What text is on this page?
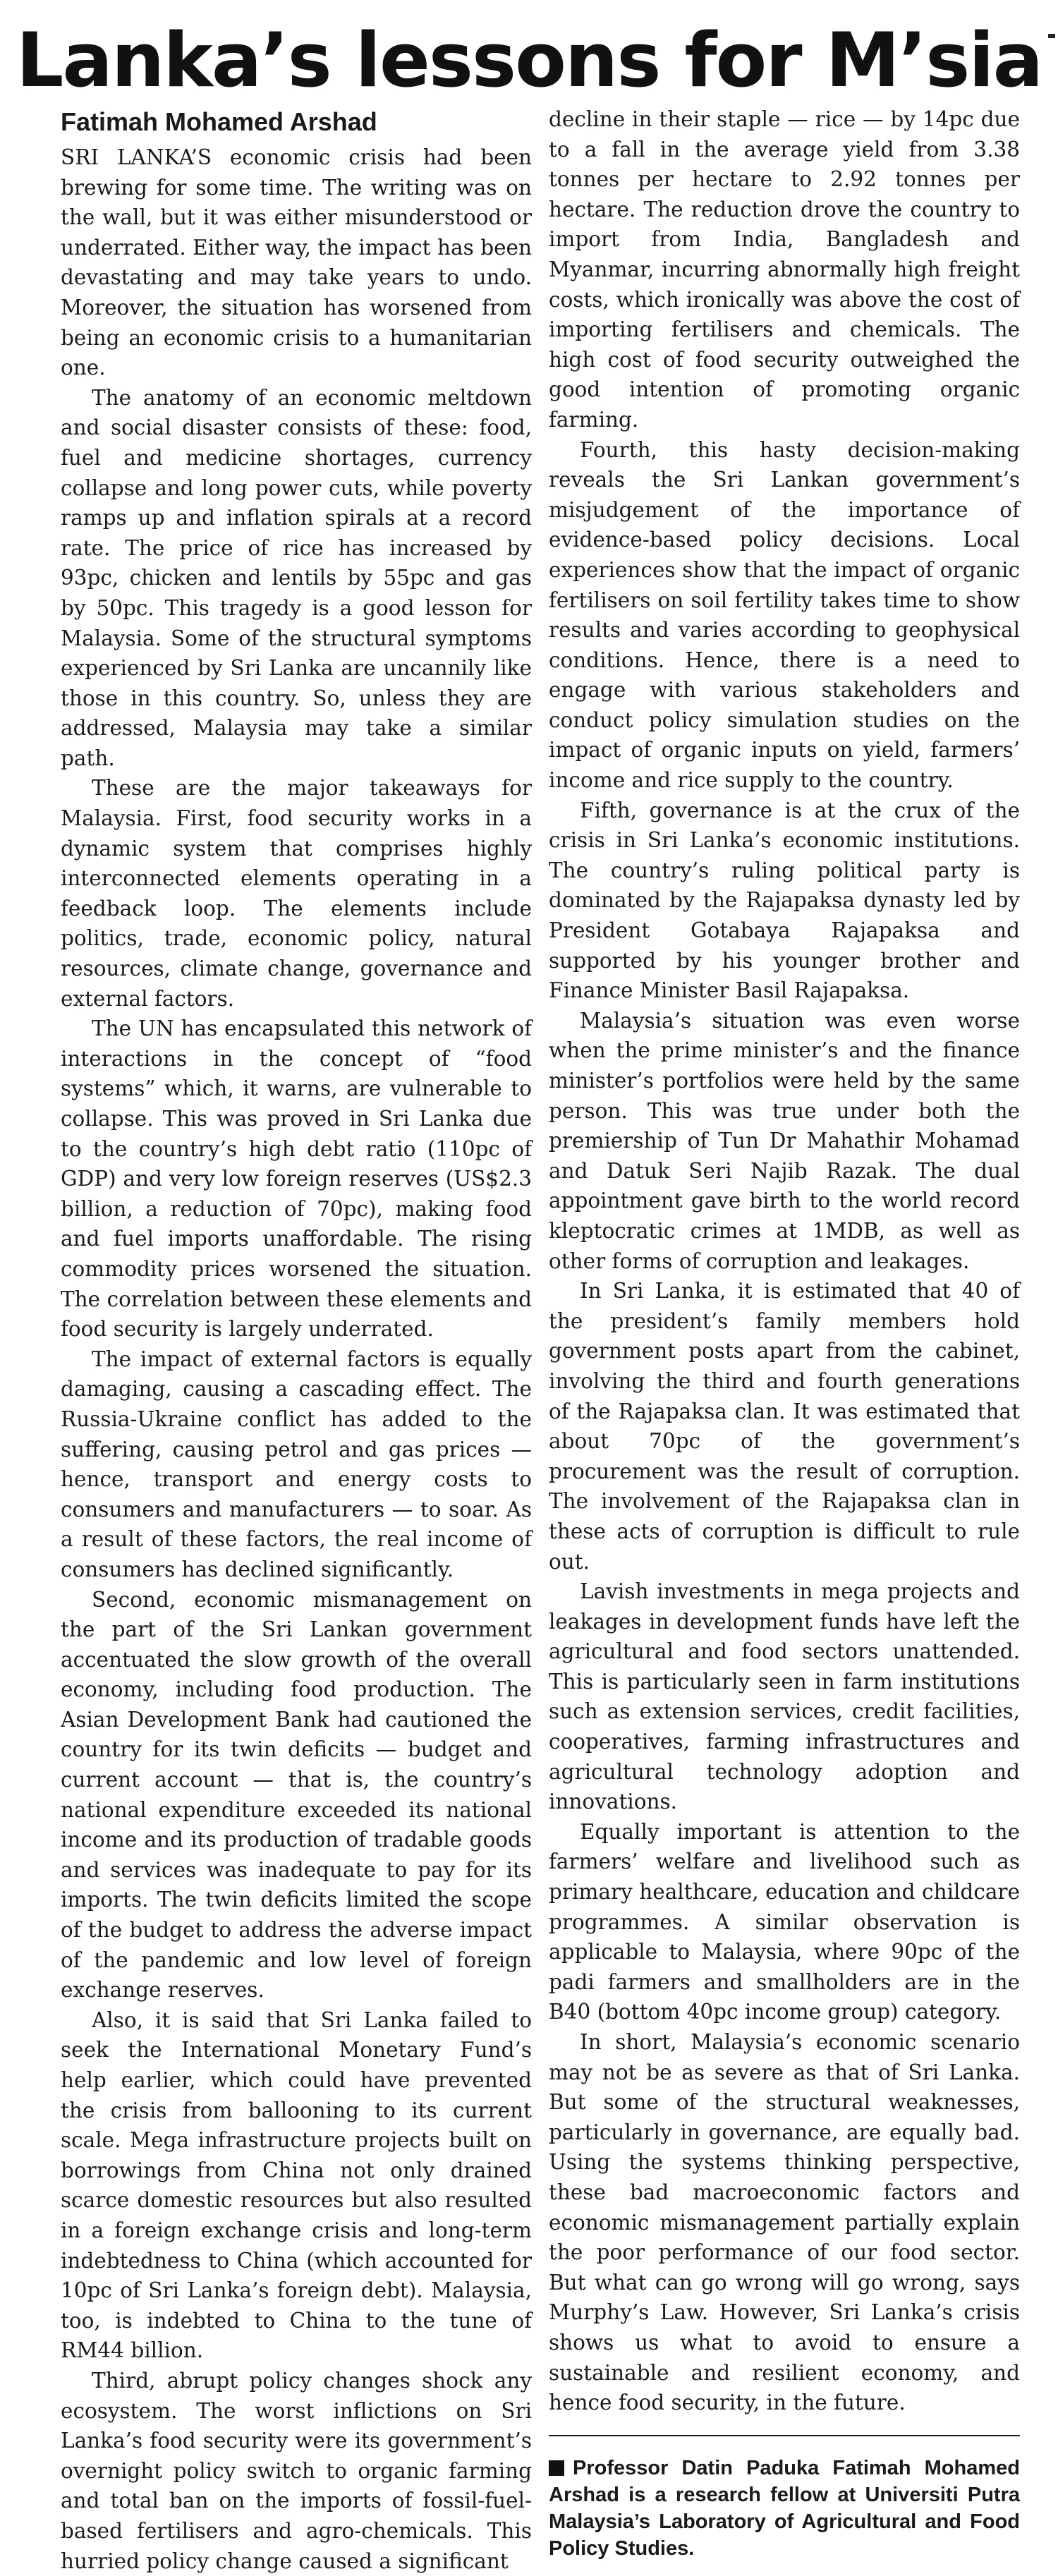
Lanka’s lessons for M’sia
Fatimah Mohamed Arshad

SRI LANKA’S economic crisis had been brewing for some time. The writing was on the wall, but it was either misunderstood or underrated. Either way, the impact has been devastating and may take years to undo. Moreover, the situation has worsened from being an economic crisis to a humanitarian one.

The anatomy of an economic meltdown and social disaster consists of these: food, fuel and medicine shortages, currency collapse and long power cuts, while poverty ramps up and inflation spirals at a record rate. The price of rice has increased by 93pc, chicken and lentils by 55pc and gas by 50pc. This tragedy is a good lesson for Malaysia. Some of the structural symptoms experienced by Sri Lanka are uncannily like those in this country. So, unless they are addressed, Malaysia may take a similar path.

These are the major takeaways for Malaysia. First, food security works in a dynamic system that comprises highly interconnected elements operating in a feedback loop. The elements include politics, trade, economic policy, natural resources, climate change, governance and external factors.

The UN has encapsulated this network of interactions in the concept of “food systems” which, it warns, are vulnerable to collapse. This was proved in Sri Lanka due to the country’s high debt ratio (110pc of GDP) and very low foreign reserves (US$2.3 billion, a reduction of 70pc), making food and fuel imports unaffordable. The rising commodity prices worsened the situation. The correlation between these elements and food security is largely underrated.

The impact of external factors is equally damaging, causing a cascading effect. The Russia-Ukraine conflict has added to the suffering, causing petrol and gas prices — hence, transport and energy costs to consumers and manufacturers — to soar. As a result of these factors, the real income of consumers has declined significantly.

Second, economic mismanagement on the part of the Sri Lankan government accentuated the slow growth of the overall economy, including food production. The Asian Development Bank had cautioned the country for its twin deficits — budget and current account — that is, the country’s national expenditure exceeded its national income and its production of tradable goods and services was inadequate to pay for its imports. The twin deficits limited the scope of the budget to address the adverse impact of the pandemic and low level of foreign exchange reserves.

Also, it is said that Sri Lanka failed to seek the International Monetary Fund’s help earlier, which could have prevented the crisis from ballooning to its current scale. Mega infrastructure projects built on borrowings from China not only drained scarce domestic resources but also resulted in a foreign exchange crisis and long-term indebtedness to China (which accounted for 10pc of Sri Lanka’s foreign debt). Malaysia, too, is indebted to China to the tune of RM44 billion.

Third, abrupt policy changes shock any ecosystem. The worst inflictions on Sri Lanka’s food security were its government’s overnight policy switch to organic farming and total ban on the imports of fossil-fuel-based fertilisers and agro-chemicals. This hurried policy change caused a significant

decline in their staple — rice — by 14pc due to a fall in the average yield from 3.38 tonnes per hectare to 2.92 tonnes per hectare. The reduction drove the country to import from India, Bangladesh and Myanmar, incurring abnormally high freight costs, which ironically was above the cost of importing fertilisers and chemicals. The high cost of food security outweighed the good intention of promoting organic farming.

Fourth, this hasty decision-making reveals the Sri Lankan government’s misjudgement of the importance of evidence-based policy decisions. Local experiences show that the impact of organic fertilisers on soil fertility takes time to show results and varies according to geophysical conditions. Hence, there is a need to engage with various stakeholders and conduct policy simulation studies on the impact of organic inputs on yield, farmers’ income and rice supply to the country.

Fifth, governance is at the crux of the crisis in Sri Lanka’s economic institutions. The country’s ruling political party is dominated by the Rajapaksa dynasty led by President Gotabaya Rajapaksa and supported by his younger brother and Finance Minister Basil Rajapaksa.

Malaysia’s situation was even worse when the prime minister’s and the finance minister’s portfolios were held by the same person. This was true under both the premiership of Tun Dr Mahathir Mohamad and Datuk Seri Najib Razak. The dual appointment gave birth to the world record kleptocratic crimes at 1MDB, as well as other forms of corruption and leakages.

In Sri Lanka, it is estimated that 40 of the president’s family members hold government posts apart from the cabinet, involving the third and fourth generations of the Rajapaksa clan. It was estimated that about 70pc of the government’s procurement was the result of corruption. The involvement of the Rajapaksa clan in these acts of corruption is difficult to rule out.

Lavish investments in mega projects and leakages in development funds have left the agricultural and food sectors unattended. This is particularly seen in farm institutions such as extension services, credit facilities, cooperatives, farming infrastructures and agricultural technology adoption and innovations.

Equally important is attention to the farmers’ welfare and livelihood such as primary healthcare, education and childcare programmes. A similar observation is applicable to Malaysia, where 90pc of the padi farmers and smallholders are in the B40 (bottom 40pc income group) category.

In short, Malaysia’s economic scenario may not be as severe as that of Sri Lanka. But some of the structural weaknesses, particularly in governance, are equally bad. Using the systems thinking perspective, these bad macroeconomic factors and economic mismanagement partially explain the poor performance of our food sector. But what can go wrong will go wrong, says Murphy’s Law. However, Sri Lanka’s crisis shows us what to avoid to ensure a sustainable and resilient economy, and hence food security, in the future.

Professor Datin Paduka Fatimah Mohamed Arshad is a research fellow at Universiti Putra Malaysia’s Laboratory of Agricultural and Food Policy Studies.
